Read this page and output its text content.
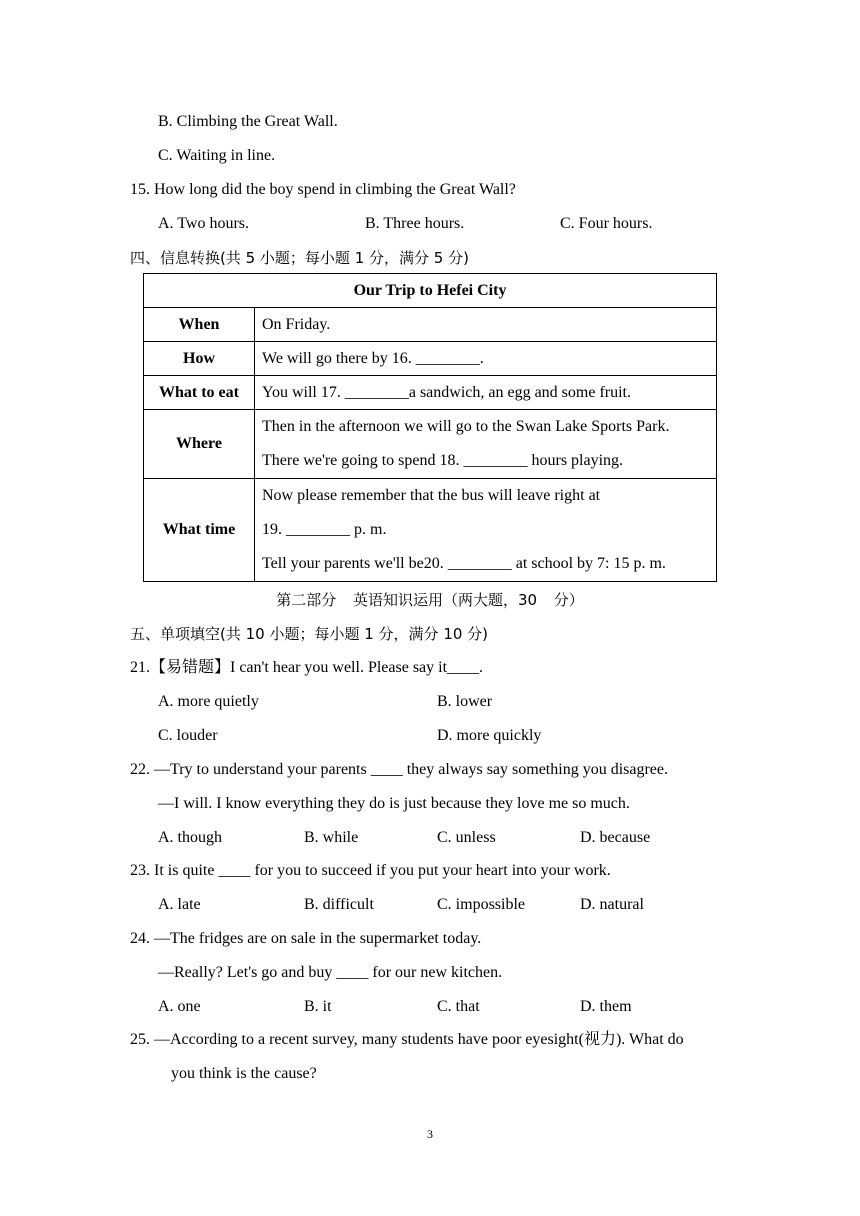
B. Climbing the Great Wall.
C. Waiting in line.
15. How long did the boy spend in climbing the Great Wall?
A. Two hours.	B. Three hours.	C. Four hours.
四、信息转换(共 5 小题；每小题 1 分，满分 5 分)
Our Trip to Hefei City	
When	On Friday.

How	We will go there by 16. ________.

What to eat	You will 17. ________a sandwich, an egg and some fruit.

Where	Then in the afternoon we will go to the Swan Lake Sports Park.
There we're going to spend 18. ________ hours playing.

What time	Now please remember that the bus will leave right at
19. ________ p. m.
Tell your parents we'll be20. ________ at school by 7: 15 p. m.
第二部分 英语知识运用（两大题，30 分）
五、单项填空(共 10 小题；每小题 1 分，满分 10 分)
21.【易错题】I can't hear you well. Please say it____.
A. more quietly	B. lower
C. louder	D. more quickly
22. —Try to understand your parents ____ they always say something you disagree.
—I will. I know everything they do is just because they love me so much.
A. though	B. while	C. unless	D. because
23. It is quite ____ for you to succeed if you put your heart into your work.
A. late	B. difficult	C. impossible	D. natural
24. —The fridges are on sale in the supermarket today.
—Really? Let's go and buy ____ for our new kitchen.
A. one	B. it	C. that	D. them
25. —According to a recent survey, many students have poor eyesight(视力). What do
you think is the cause?
3
